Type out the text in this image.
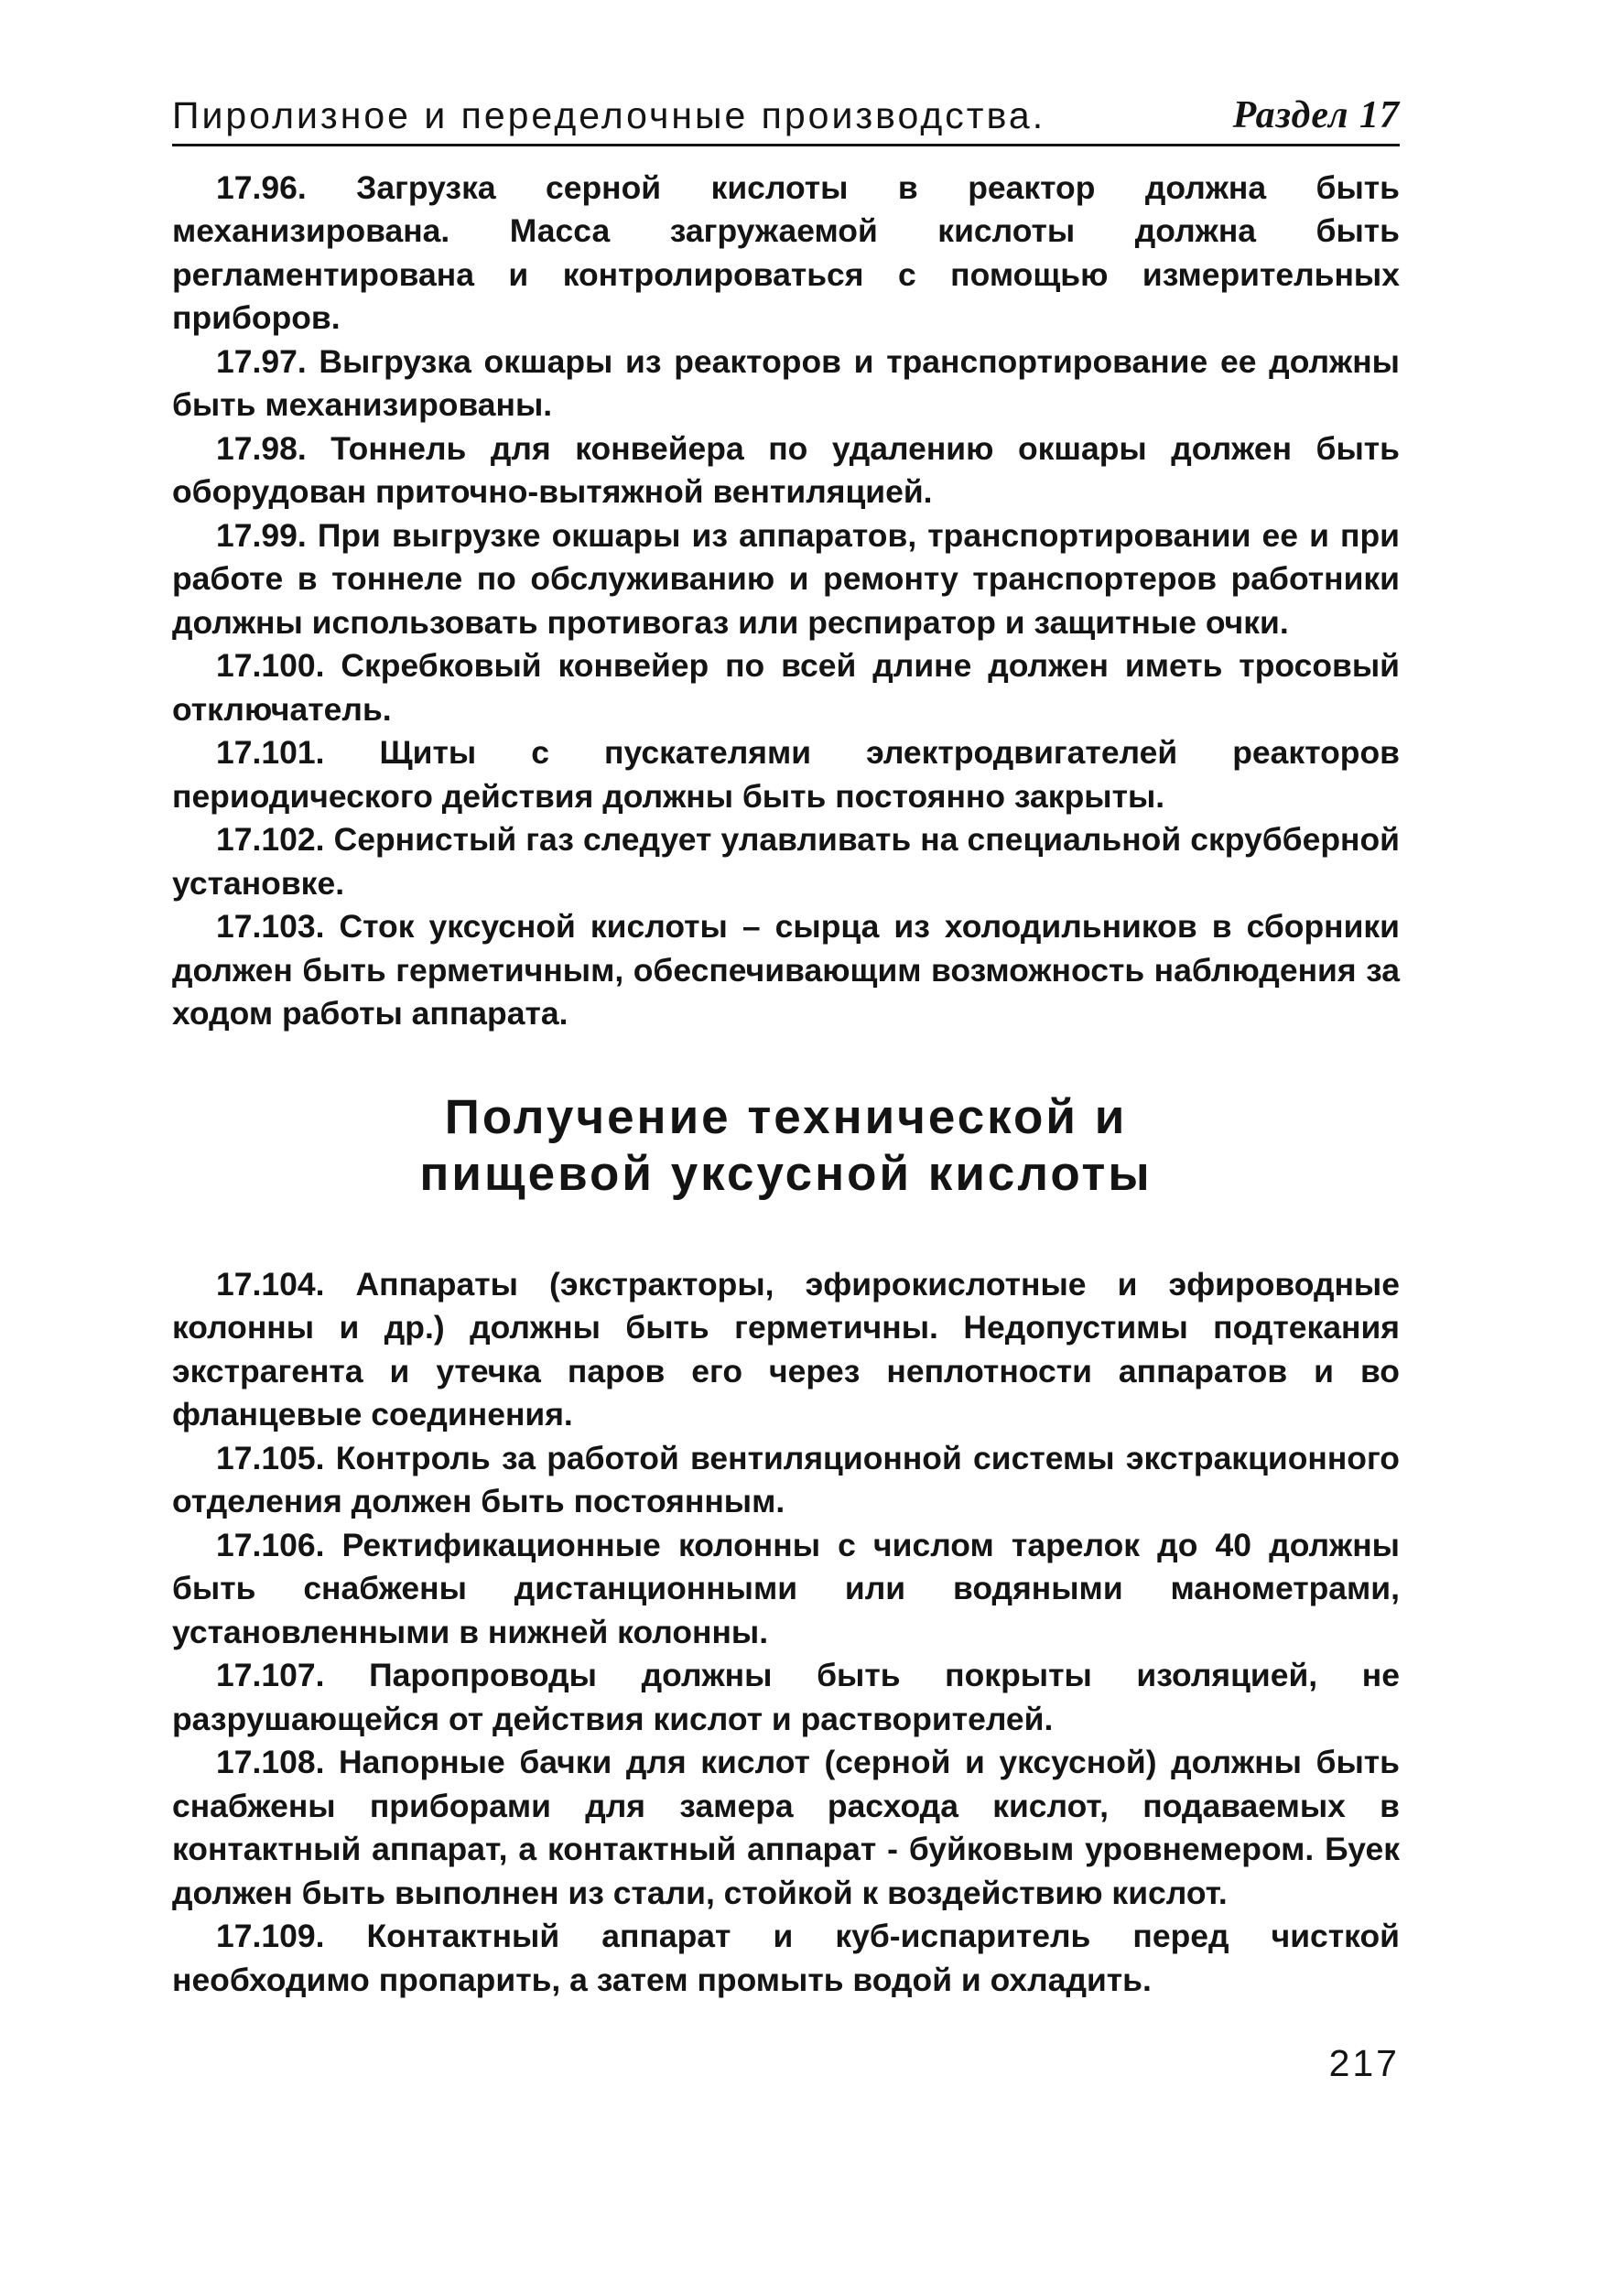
Пиролизное и переделочные производства.	Раздел 17

17.96. Загрузка серной кислоты в реактор должна быть механизирована. Масса загружаемой кислоты должна быть регламентирована и контролироваться с помощью измерительных приборов.

17.97. Выгрузка окшары из реакторов и транспортирование ее должны быть механизированы.

17.98. Тоннель для конвейера по удалению окшары должен быть оборудован приточно-вытяжной вентиляцией.

17.99. При выгрузке окшары из аппаратов, транспортировании ее и при работе в тоннеле по обслуживанию и ремонту транспортеров работники должны использовать противогаз или респиратор и защитные очки.

17.100. Скребковый конвейер по всей длине должен иметь тросовый отключатель.

17.101. Щиты с пускателями электродвигателей реакторов периодического действия должны быть постоянно закрыты.

17.102. Сернистый газ следует улавливать на специальной скрубберной установке.

17.103. Сток уксусной кислоты – сырца из холодильников в сборники должен быть герметичным, обеспечивающим возможность наблюдения за ходом работы аппарата.

Получение технической и
пищевой уксусной кислоты

17.104. Аппараты (экстракторы, эфирокислотные и эфироводные колонны и др.) должны быть герметичны. Недопустимы подтекания экстрагента и утечка паров его через неплотности аппаратов и во фланцевые соединения.

17.105. Контроль за работой вентиляционной системы экстракционного отделения должен быть постоянным.

17.106. Ректификационные колонны с числом тарелок до 40 должны быть снабжены дистанционными или водяными манометрами, установленными в нижней колонны.

17.107. Паропроводы должны быть покрыты изоляцией, не разрушающейся от действия кислот и растворителей.

17.108. Напорные бачки для кислот (серной и уксусной) должны быть снабжены приборами для замера расхода кислот, подаваемых в контактный аппарат, а контактный аппарат - буйковым уровнемером. Буек должен быть выполнен из стали, стойкой к воздействию кислот.

17.109. Контактный аппарат и куб-испаритель перед чисткой необходимо пропарить, а затем промыть водой и охладить.

217
